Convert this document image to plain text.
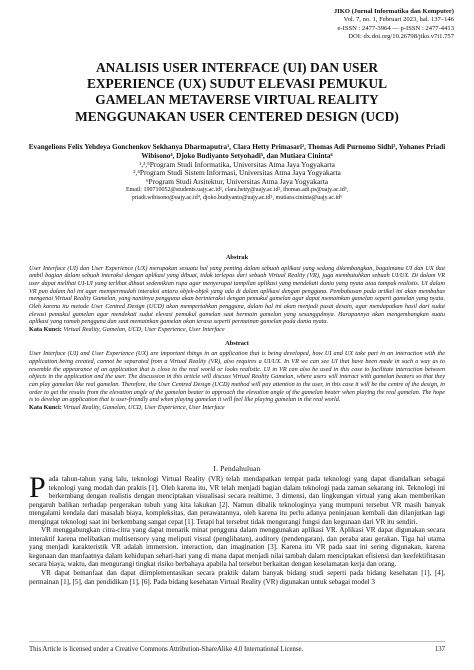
JIKO (Jurnal Informatika dan Komputer)
Vol. 7, no. 1, Februari 2023, hal. 137–146
e-ISSN : 2477-3964 — p-ISSN : 2477-4413
DOI: dx.doi.org/10.26798/jiko.v7i1.757
ANALISIS USER INTERFACE (UI) DAN USER
EXPERIENCE (UX) SUDUT ELEVASI PEMUKUL
GAMELAN METAVERSE VIRTUAL REALITY
MENGGUNAKAN USER CENTERED DESIGN (UCD)
Evangelions Felix Yehdeya Gonchenkov Sekhanya Dharmaputra¹, Clara Hetty Primasari², Thomas Adi Purnomo Sidhi³, Yohanes Priadi Wibisono⁴, Djoko Budiyanto Setyohadi⁵, dan Mutiara Cininta⁶
¹,³,⁵Program Studi Informatika, Universitas Atma Jaya Yogyakarta
²,⁴Program Studi Sistem Informasi, Universitas Atma Jaya Yogyakarta
⁶Program Studi Arsitektur, Universitas Atma Jaya Yogyakarta
Email: 190710052@students.uajy.ac.id¹, clara.hetty@uajy.ac.id², thomas.adi.ps@uajy.ac.id³,
priadi.wibisono@uajy.ac.id⁴, djoko.budiyanto@uajy.ac.id⁵, mutiara.cininta@uajy.ac.id⁶
Abstrak

User Interface (UI) dan User Experience (UX) merupakan sesuatu hal yang penting dalam sebuah aplikasi yang sedang dikembangkan, bagaimana UI dan UX ikut ambil bagian dalam sebuah interaksi dengan aplikasi yang dibuat, tidak terlepas dari sebuah Virtual Reality (VR), juga membutuhkan sebuah UI/UX. Di dalam VR user dapat melihat UI-UI yang terlihat dibuat sedemikian rupa agar menyerupai tampilan aplikasi yang mendekati dunia yang nyata atau tampak realistis. UI dalam VR pun dalam hal ini agar mempermudah interaksi antara objek-objek yang ada di dalam aplikasi dengan pengguna. Pembahasan pada artikel ini akan membahas mengenai Virtual Reality Gamelan, yang nantinya pengguna akan berinteraksi dengan pemukul gamelan agar dapat memainkan gamelan seperti gamelan yang nyata. Oleh karena itu metode User Centred Design (UCD) akan mempertahkan pengguna, dalam hal ini akan menjadi pusat desain, agar mendapatkan hasil dari sudut elevasi pemukul gamelan agar mendekati sudut elevasi pemukul gamelan saat bermain gamelan yang sesungguhnya. Harapannya akan mengembangkan suatu aplikasi yang ramah pengguna dan saat memainkan gamelan akan terasa seperti permainan gamelan pada dunia nyata.

Kata Kunci: Virtual Reality, Gamelan, UCD, User Experience, User Interface
Abstract

User Interface (UI) and User Experience (UX) are important things in an application that is being developed, how UI and UX take part in an interaction with the application being created, cannot be separated from a Virtual Reality (VR), also requires a UI/UX. In VR we can see UI that have been made in such a way as to resemble the appearance of an application that is close to the real world or looks realistic. UI in VR can also be used in this case to facilitate interaction between objects in the application and the user. The discussion in this article will discuss Virtual Reality Gamelan, where users will interact with gamelan beaters so that they can play gamelan like real gamelan. Therefore, the User Centred Design (UCD) method will pay attention to the user, in this case it will be the centre of the design, in order to get the results from the elevation angle of the gamelan beater to approach the elevation angle of the gamelan beater when playing the real gamelan. The hope is to develop an application that is user-friendly and when playing gamelan it will feel like playing gamelan in the real world.

Kata Kunci: Virtual Reality, Gamelan, UCD, User Experience, User Interface
I. Pendahuluan

Pada tahun-tahun yang lalu, teknologi Virtual Reality (VR) telah mendapatkan tempat pada teknologi yang dapat diandalkan sebagai teknologi yang modah dan praktis [1]. Oleh karena itu, VR telah menjadi bagian dalam teknologi pada zaman sekarang ini. Teknologi ini berkembang dengan realistis dengan menciptakan visualisasi secara realtime, 3 dimensi, dan lingkungan virtual yang akan memberikan pengaruh balikan terhadap pergerakan tubuh yang kita lakukan [2]. Namun dibalik teknologinya yang mumpuni tersebut VR masih banyak mengalami kendala dari masalah biaya, kompleksitas, dan perawatannya, oleh karena itu perlu adanya peninjauan kembali dan dilanjutkan lagi mengingat teknologi saat ini berkembang sangat cepat [1]. Tetapi hal tersebut tidak mengurangi fungsi dan kegunaan dari VR itu sendiri.

VR menggabungkan citra-citra yang dapat menarik minat pengguna dalam menggunakan aplikasi VR. Aplikasi VR dapat digunakan secara interaktif karena melibatkan multisensory yang meliputi visual (penglihatan), auditory (pendengaran), dan peraba atau gerakan. Tiga hal utama yang menjadi karakteristik VR adalah immersion, interaction, dan imagination [3]. Karena itu VR pada saat ini sering digunakan, karena kegunaan dan manfaatnya dalam kehidupan sehari-hari yang di mana dapat menjadi nilai tambah dalam menciptakan efisiensi dan keefektifitasan secara biaya, waktu, dan mengurangi tingkat risiko berbahaya apabila hal tersebut berkaitan dengan keselamatan kerja dan orang.

VR dapat bemanfaat dan dapat diimplementasikan secara praktik dalam banyak bidang studi seperti pada bidang kesehatan [1], [4], permainan [1], [5], dan pendidikan [1], [6]. Pada bidang kesehatan Virtual Reality (VR) digunakan untuk sebagai model 3

This Article is licensed under a Creative Commons Attribution-ShareAlike 4.0 International License.	137
